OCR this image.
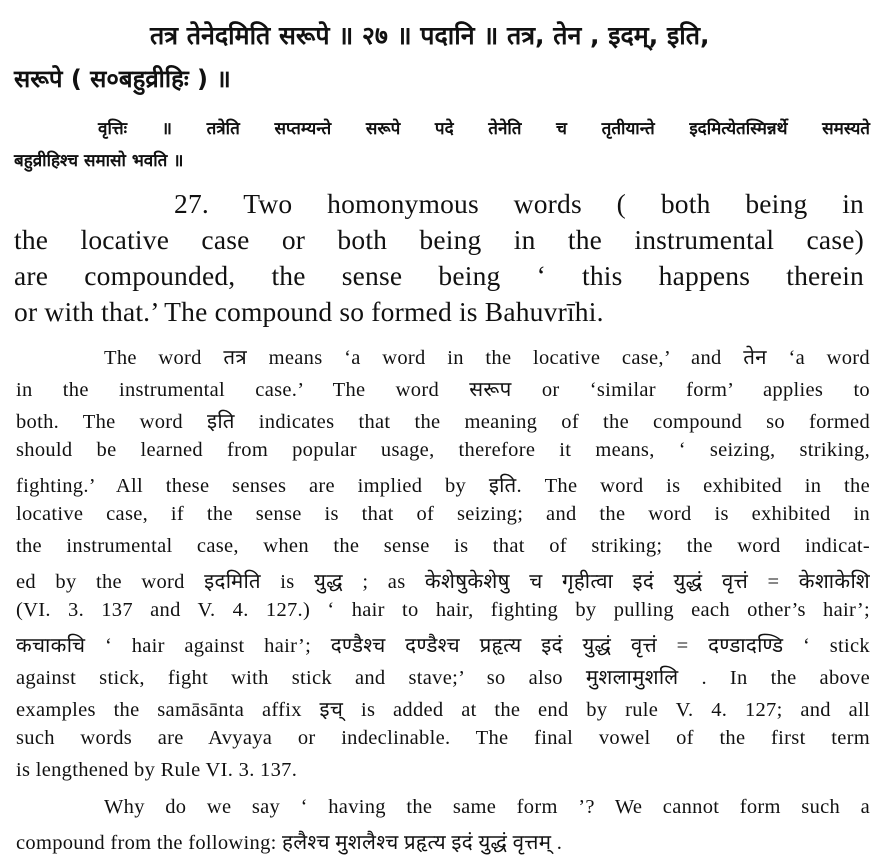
तत्र तेनेदमिति सरूपे ॥ २७ ॥ पदानि ॥ तत्र, तेन , इदम्, इति,
सरूपे ( स०बहुव्रीहिः ) ॥
वृत्तिः ॥ तत्रेति सप्तम्यन्ते सरूपे पदे तेनेति च तृतीयान्ते इदमित्येतस्मिन्नर्थे समस्यते
बहुव्रीहिश्च समासो भवति ॥
27. Two homonymous words ( both being in
the locative case or both being in the instrumental case)
are compounded, the sense being ‘ this happens therein
or with that.’ The compound so formed is Bahuvrīhi.
The word तत्र means ‘a word in the locative case,’ and तेन ‘a word
in the instrumental case.’ The word सरूप or ‘similar form’ applies to
both. The word इति indicates that the meaning of the compound so formed
should be learned from popular usage, therefore it means, ‘ seizing, striking,
fighting.’ All these senses are implied by इति. The word is exhibited in the
locative case, if the sense is that of seizing; and the word is exhibited in
the instrumental case, when the sense is that of striking; the word indicat-
ed by the word इदमिति is युद्ध ; as केशेषुकेशेषु च गृहीत्वा इदं युद्धं वृत्तं = केशाकेशि
(VI. 3. 137 and V. 4. 127.) ‘ hair to hair, fighting by pulling each other’s hair’;
कचाकचि ‘ hair against hair’; दण्डैश्च दण्डैश्च प्रहृत्य इदं युद्धं वृत्तं = दण्डादण्डि ‘ stick
against stick, fight with stick and stave;’ so also मुशलामुशलि . In the above
examples the samāsānta affix इच् is added at the end by rule V. 4. 127; and all
such words are Avyaya or indeclinable. The final vowel of the first term
is lengthened by Rule VI. 3. 137.
Why do we say ‘ having the same form ’? We cannot form such a
compound from the following: हलैश्च मुशलैश्च प्रहृत्य इदं युद्धं वृत्तम् .
